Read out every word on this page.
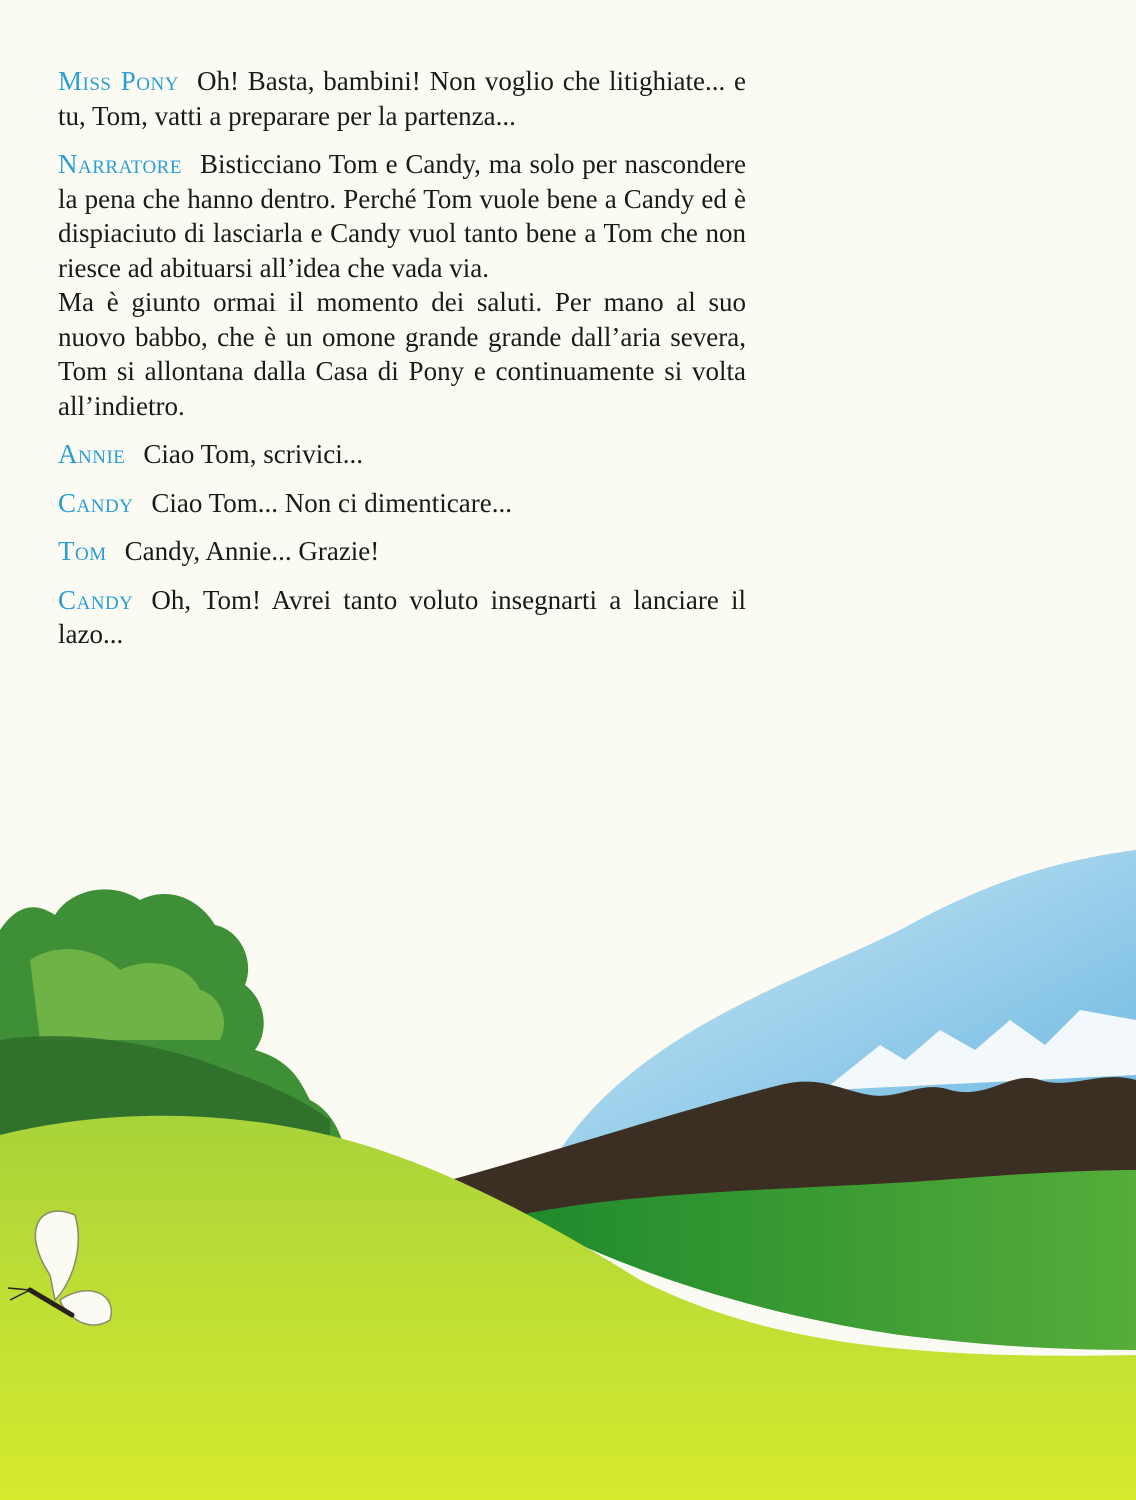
Miss Pony Oh! Basta, bambini! Non voglio che litighiate... e tu, Tom, vatti a preparare per la partenza...

Narratore Bisticciano Tom e Candy, ma solo per nascondere la pena che hanno dentro. Perché Tom vuole bene a Candy ed è dispiaciuto di lasciarla e Candy vuol tanto bene a Tom che non riesce ad abituarsi all’idea che vada via.

Ma è giunto ormai il momento dei saluti. Per mano al suo nuovo babbo, che è un omone grande grande dall’aria severa, Tom si allontana dalla Casa di Pony e continuamente si volta all’indietro.

Annie Ciao Tom, scrivici...

Candy Ciao Tom... Non ci dimenticare...

Tom Candy, Annie... Grazie!

Candy Oh, Tom! Avrei tanto voluto insegnarti a lanciare il lazo...
